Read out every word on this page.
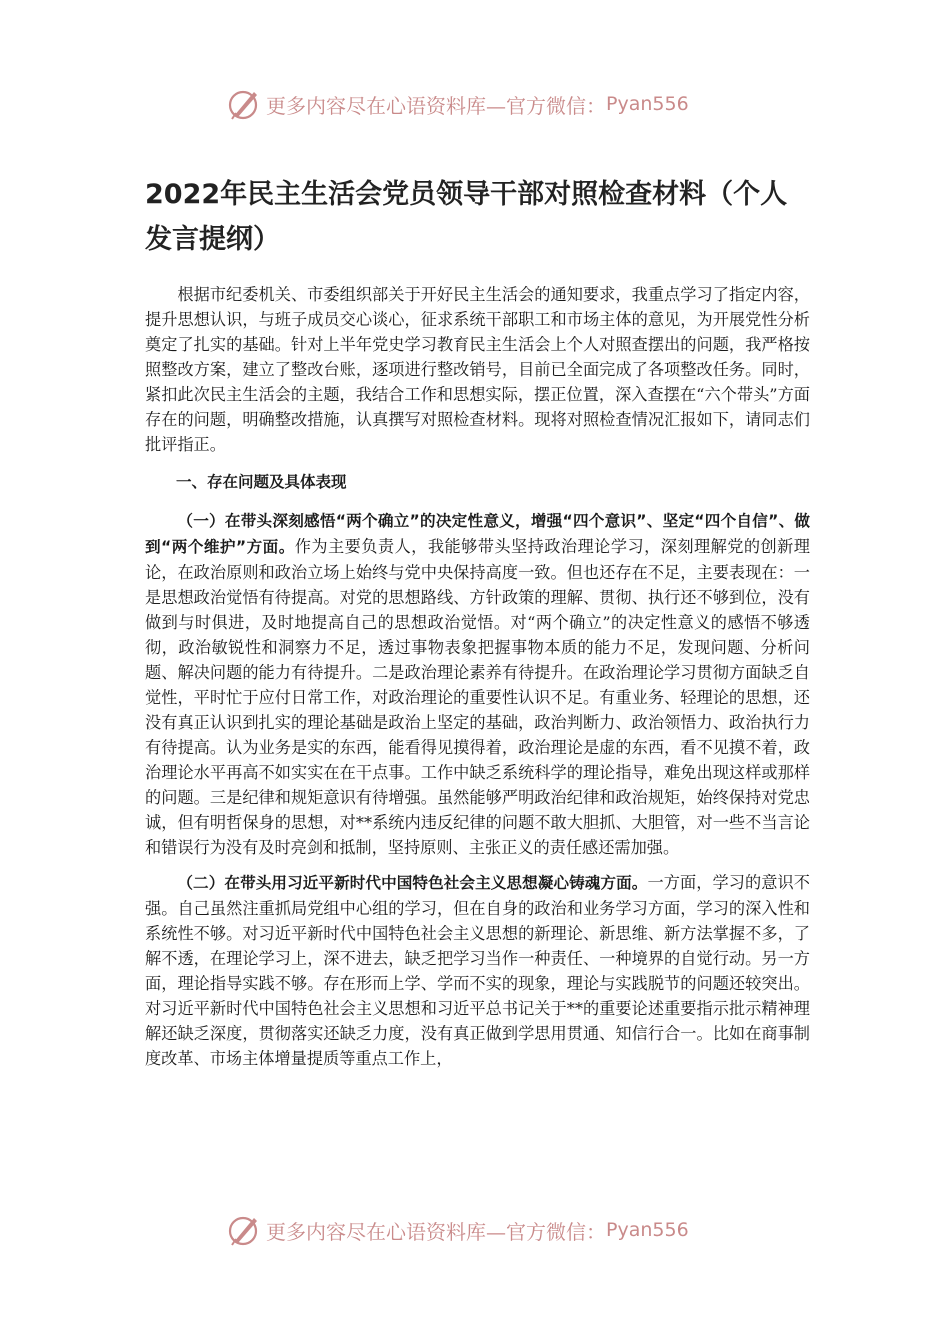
更多内容尽在心语资料库—官方微信： Pyan556
2022年民主生活会党员领导干部对照检查材料（个人发言提纲）

根据市纪委机关、市委组织部关于开好民主生活会的通知要求，我重点学习了指定内容，提升思想认识，与班子成员交心谈心，征求系统干部职工和市场主体的意见，为开展党性分析奠定了扎实的基础。针对上半年党史学习教育民主生活会上个人对照查摆出的问题，我严格按照整改方案，建立了整改台账，逐项进行整改销号，目前已全面完成了各项整改任务。同时，紧扣此次民主生活会的主题，我结合工作和思想实际，摆正位置，深入查摆在“六个带头”方面存在的问题，明确整改措施，认真撰写对照检查材料。现将对照检查情况汇报如下，请同志们批评指正。

一、存在问题及具体表现

（一）在带头深刻感悟“两个确立”的决定性意义，增强“四个意识”、坚定“四个自信”、做到“两个维护”方面。作为主要负责人，我能够带头坚持政治理论学习，深刻理解党的创新理论，在政治原则和政治立场上始终与党中央保持高度一致。但也还存在不足，主要表现在：一是思想政治觉悟有待提高。对党的思想路线、方针政策的理解、贯彻、执行还不够到位，没有做到与时俱进，及时地提高自己的思想政治觉悟。对“两个确立”的决定性意义的感悟不够透彻，政治敏锐性和洞察力不足，透过事物表象把握事物本质的能力不足，发现问题、分析问题、解决问题的能力有待提升。二是政治理论素养有待提升。在政治理论学习贯彻方面缺乏自觉性，平时忙于应付日常工作，对政治理论的重要性认识不足。有重业务、轻理论的思想，还没有真正认识到扎实的理论基础是政治上坚定的基础，政治判断力、政治领悟力、政治执行力有待提高。认为业务是实的东西，能看得见摸得着，政治理论是虚的东西，看不见摸不着，政治理论水平再高不如实实在在干点事。工作中缺乏系统科学的理论指导，难免出现这样或那样的问题。三是纪律和规矩意识有待增强。虽然能够严明政治纪律和政治规矩，始终保持对党忠诚，但有明哲保身的思想，对**系统内违反纪律的问题不敢大胆抓、大胆管，对一些不当言论和错误行为没有及时亮剑和抵制，坚持原则、主张正义的责任感还需加强。

（二）在带头用习近平新时代中国特色社会主义思想凝心铸魂方面。一方面，学习的意识不强。自己虽然注重抓局党组中心组的学习，但在自身的政治和业务学习方面，学习的深入性和系统性不够。对习近平新时代中国特色社会主义思想的新理论、新思维、新方法掌握不多，了解不透，在理论学习上，深不进去，缺乏把学习当作一种责任、一种境界的自觉行动。另一方面，理论指导实践不够。存在形而上学、学而不实的现象，理论与实践脱节的问题还较突出。对习近平新时代中国特色社会主义思想和习近平总书记关于**的重要论述重要指示批示精神理解还缺乏深度，贯彻落实还缺乏力度，没有真正做到学思用贯通、知信行合一。比如在商事制度改革、市场主体增量提质等重点工作上，

更多内容尽在心语资料库—官方微信： Pyan556
